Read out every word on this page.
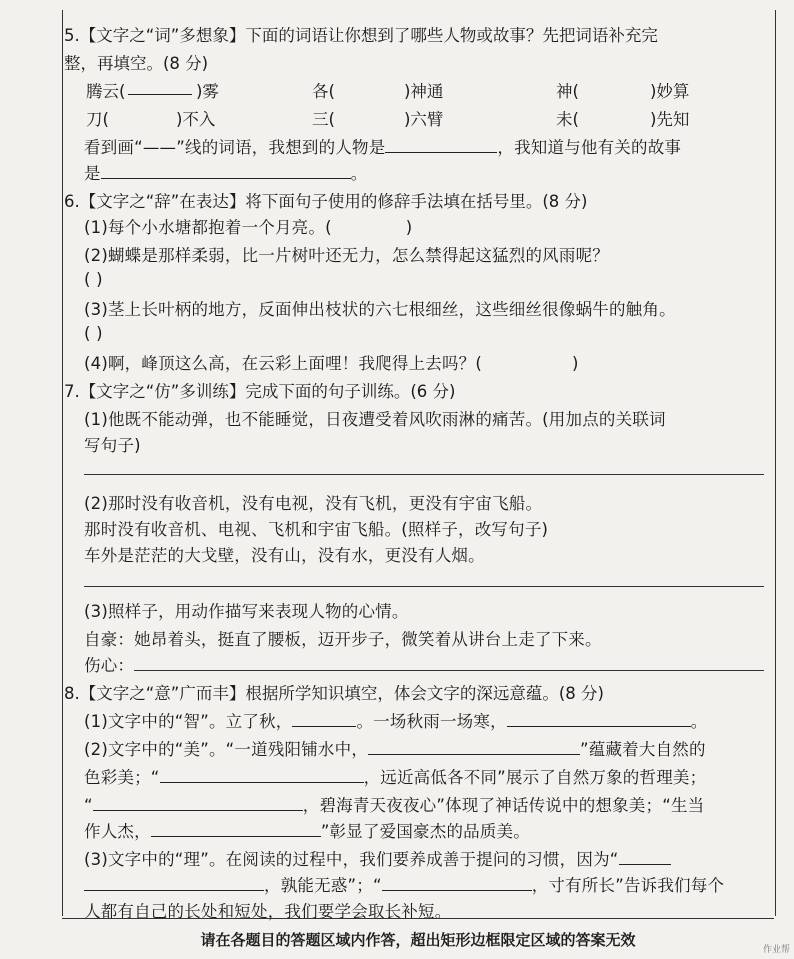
5.【文字之“词”多想象】下面的词语让你想到了哪些人物或故事？先把词语补充完
整，再填空。(8 分)
腾云(	)雾	各(	)神通	神(	)妙算
刀(	)不入	三(	)六臂	未(	)先知
看到画“——”线的词语，我想到的人物是	，我知道与他有关的故事
是	。
6.【文字之“辞”在表达】将下面句子使用的修辞手法填在括号里。(8 分)
(1)每个小水塘都抱着一个月亮。(	)
(2)蝴蝶是那样柔弱，比一片树叶还无力，怎么禁得起这猛烈的风雨呢？
( )
(3)茎上长叶柄的地方，反面伸出枝状的六七根细丝，这些细丝很像蜗牛的触角。
( )
(4)啊，峰顶这么高，在云彩上面哩！我爬得上去吗？(	)
7.【文字之“仿”多训练】完成下面的句子训练。(6 分)
(1)他既不能动弹，也不能睡觉，日夜遭受着风吹雨淋的痛苦。(用加点的关联词
写句子)
(2)那时没有收音机，没有电视，没有飞机，更没有宇宙飞船。
那时没有收音机、电视、飞机和宇宙飞船。(照样子，改写句子)
车外是茫茫的大戈壁，没有山，没有水，更没有人烟。
(3)照样子，用动作描写来表现人物的心情。
自豪：她昂着头，挺直了腰板，迈开步子，微笑着从讲台上走了下来。
伤心：
8.【文字之“意”广而丰】根据所学知识填空，体会文字的深远意蕴。(8 分)
(1)文字中的“智”。立了秋，	。一场秋雨一场寒，	。
(2)文字中的“美”。“一道残阳铺水中，	”蕴藏着大自然的
色彩美；“	，远近高低各不同”展示了自然万象的哲理美；
“	，碧海青天夜夜心”体现了神话传说中的想象美；“生当
作人杰，	”彰显了爱国豪杰的品质美。
(3)文字中的“理”。在阅读的过程中，我们要养成善于提问的习惯，因为“
，孰能无惑”；“	，寸有所长”告诉我们每个
人都有自己的长处和短处，我们要学会取长补短。
请在各题目的答题区域内作答，超出矩形边框限定区域的答案无效
作业帮
